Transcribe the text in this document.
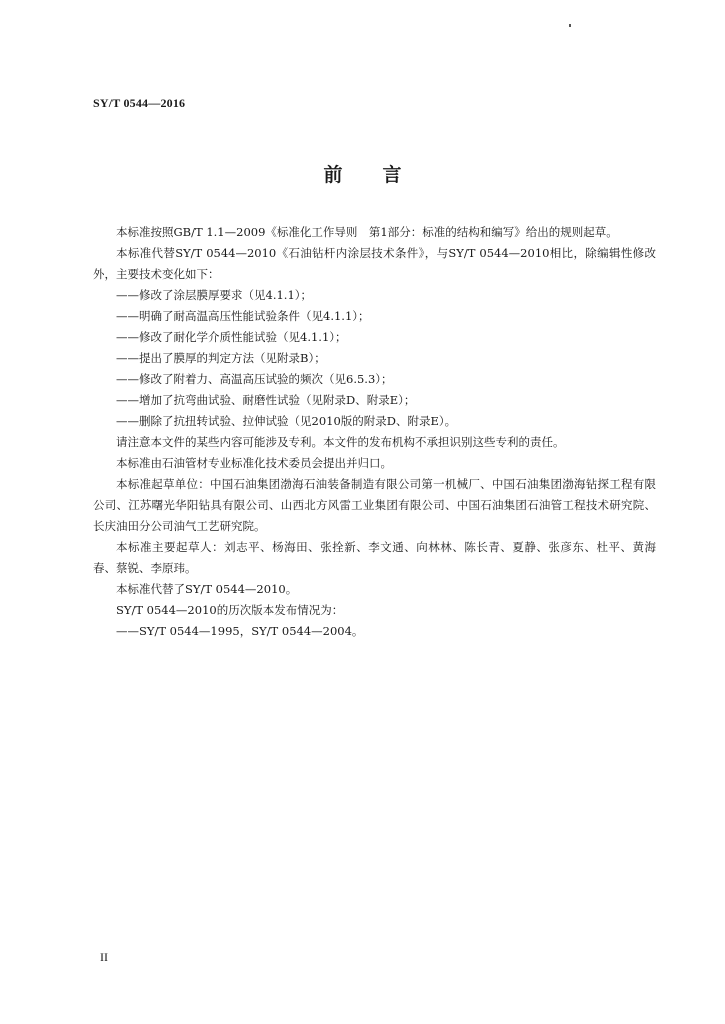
SY/T 0544—2016
前 言

本标准按照GB/T 1.1—2009《标准化工作导则　第1部分：标准的结构和编写》给出的规则起草。

本标准代替SY/T 0544—2010《石油钻杆内涂层技术条件》，与SY/T 0544—2010相比，除编辑性修改外，主要技术变化如下：

——修改了涂层膜厚要求（见4.1.1）；

——明确了耐高温高压性能试验条件（见4.1.1）；

——修改了耐化学介质性能试验（见4.1.1）；

——提出了膜厚的判定方法（见附录B）；

——修改了附着力、高温高压试验的频次（见6.5.3）；

——增加了抗弯曲试验、耐磨性试验（见附录D、附录E）；

——删除了抗扭转试验、拉伸试验（见2010版的附录D、附录E）。

请注意本文件的某些内容可能涉及专利。本文件的发布机构不承担识别这些专利的责任。

本标准由石油管材专业标准化技术委员会提出并归口。

本标准起草单位：中国石油集团渤海石油装备制造有限公司第一机械厂、中国石油集团渤海钻探工程有限公司、江苏曙光华阳钻具有限公司、山西北方风雷工业集团有限公司、中国石油集团石油管工程技术研究院、长庆油田分公司油气工艺研究院。

本标准主要起草人：刘志平、杨海田、张拴新、李文通、向林林、陈长青、夏静、张彦东、杜平、黄海春、蔡锐、李原玮。

本标准代替了SY/T 0544—2010。

SY/T 0544—2010的历次版本发布情况为：

——SY/T 0544—1995，SY/T 0544—2004。

II
